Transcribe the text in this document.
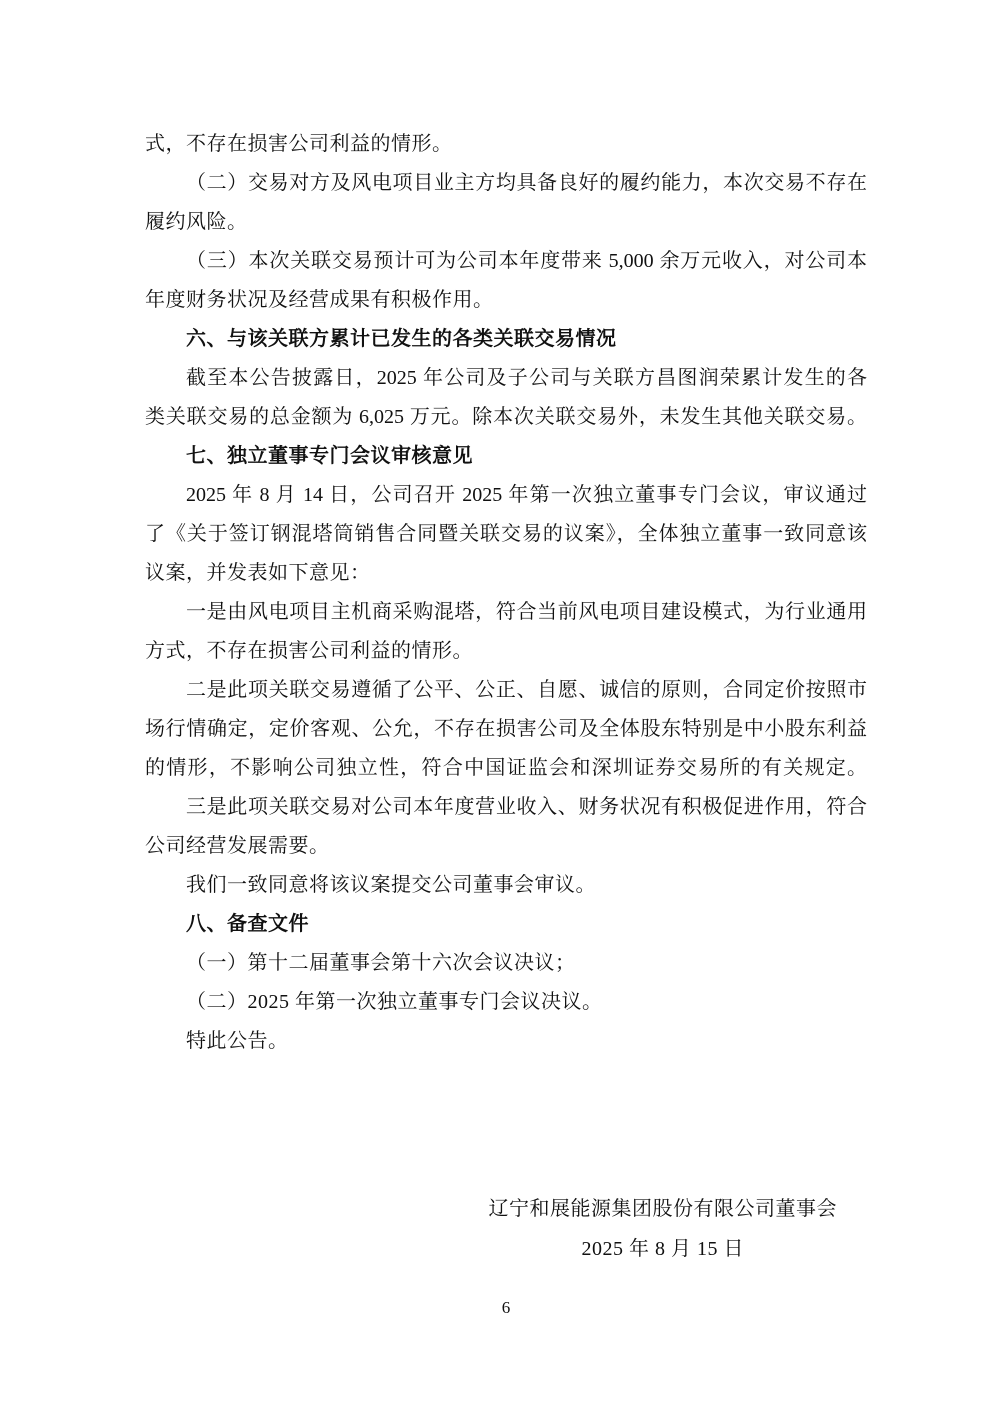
式，不存在损害公司利益的情形。
（二）交易对方及风电项目业主方均具备良好的履约能力，本次交易不存在
履约风险。
（三）本次关联交易预计可为公司本年度带来 5,000 余万元收入，对公司本
年度财务状况及经营成果有积极作用。
六、与该关联方累计已发生的各类关联交易情况
截至本公告披露日，2025 年公司及子公司与关联方昌图润荣累计发生的各
类关联交易的总金额为 6,025 万元。除本次关联交易外，未发生其他关联交易。
七、独立董事专门会议审核意见
2025 年 8 月 14 日，公司召开 2025 年第一次独立董事专门会议，审议通过
了《关于签订钢混塔筒销售合同暨关联交易的议案》，全体独立董事一致同意该
议案，并发表如下意见：
一是由风电项目主机商采购混塔，符合当前风电项目建设模式，为行业通用
方式，不存在损害公司利益的情形。
二是此项关联交易遵循了公平、公正、自愿、诚信的原则，合同定价按照市
场行情确定，定价客观、公允，不存在损害公司及全体股东特别是中小股东利益
的情形，不影响公司独立性，符合中国证监会和深圳证券交易所的有关规定。
三是此项关联交易对公司本年度营业收入、财务状况有积极促进作用，符合
公司经营发展需要。
我们一致同意将该议案提交公司董事会审议。
八、备查文件
（一）第十二届董事会第十六次会议决议；
（二）2025 年第一次独立董事专门会议决议。
特此公告。
辽宁和展能源集团股份有限公司董事会
2025 年 8 月 15 日
6
